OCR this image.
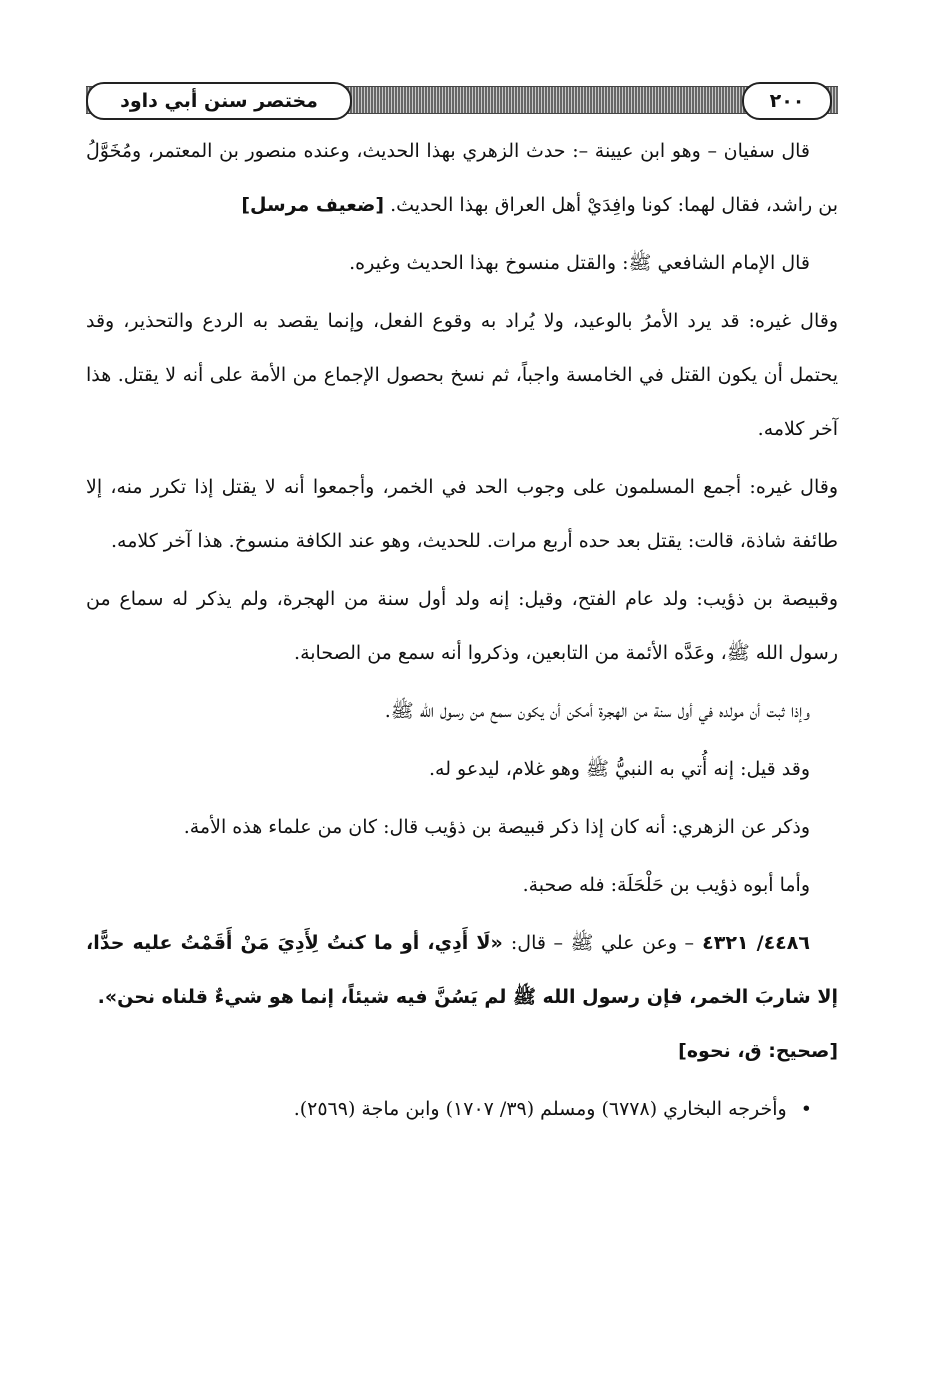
مختصر سنن أبي داود	٢٠٠

قال سفيان – وهو ابن عيينة –: حدث الزهري بهذا الحديث، وعنده منصور بن المعتمر، ومُخَوَّلُ بن راشد، فقال لهما: كونا وافِدَيْ أهل العراق بهذا الحديث. [ضعيف مرسل]

قال الإمام الشافعي ﷺ: والقتل منسوخ بهذا الحديث وغيره.

وقال غيره: قد يرد الأمرُ بالوعيد، ولا يُراد به وقوع الفعل، وإنما يقصد به الردع والتحذير، وقد يحتمل أن يكون القتل في الخامسة واجباً، ثم نسخ بحصول الإجماع من الأمة على أنه لا يقتل. هذا آخر كلامه.

وقال غيره: أجمع المسلمون على وجوب الحد في الخمر، وأجمعوا أنه لا يقتل إذا تكرر منه، إلا طائفة شاذة، قالت: يقتل بعد حده أربع مرات. للحديث، وهو عند الكافة منسوخ. هذا آخر كلامه.

وقبيصة بن ذؤيب: ولد عام الفتح، وقيل: إنه ولد أول سنة من الهجرة، ولم يذكر له سماع من رسول الله ﷺ، وعَدَّه الأئمة من التابعين، وذكروا أنه سمع من الصحابة.

وإذا ثبت أن مولده في أول سنة من الهجرة أمكن أن يكون سمع من رسول الله ﷺ.

وقد قيل: إنه أُتي به النبيُّ ﷺ وهو غلام، ليدعو له.

وذكر عن الزهري: أنه كان إذا ذكر قبيصة بن ذؤيب قال: كان من علماء هذه الأمة.

وأما أبوه ذؤيب بن حَلْحَلَة: فله صحبة.

٤٤٨٦/ ٤٣٢١ – وعن علي ﷺ – قال: «لَا أَدِي، أو ما كنتُ لِأَدِيَ مَنْ أَقَمْتُ عليه حدًّا، إلا شاربَ الخمر، فإن رسول الله ﷺ لم يَسُنَّ فيه شيئاً، إنما هو شيءٌ قلناه نحن».
[صحيح: ق، نحوه]

• وأخرجه البخاري (٦٧٧٨) ومسلم (٣٩/ ١٧٠٧) وابن ماجة (٢٥٦٩).
